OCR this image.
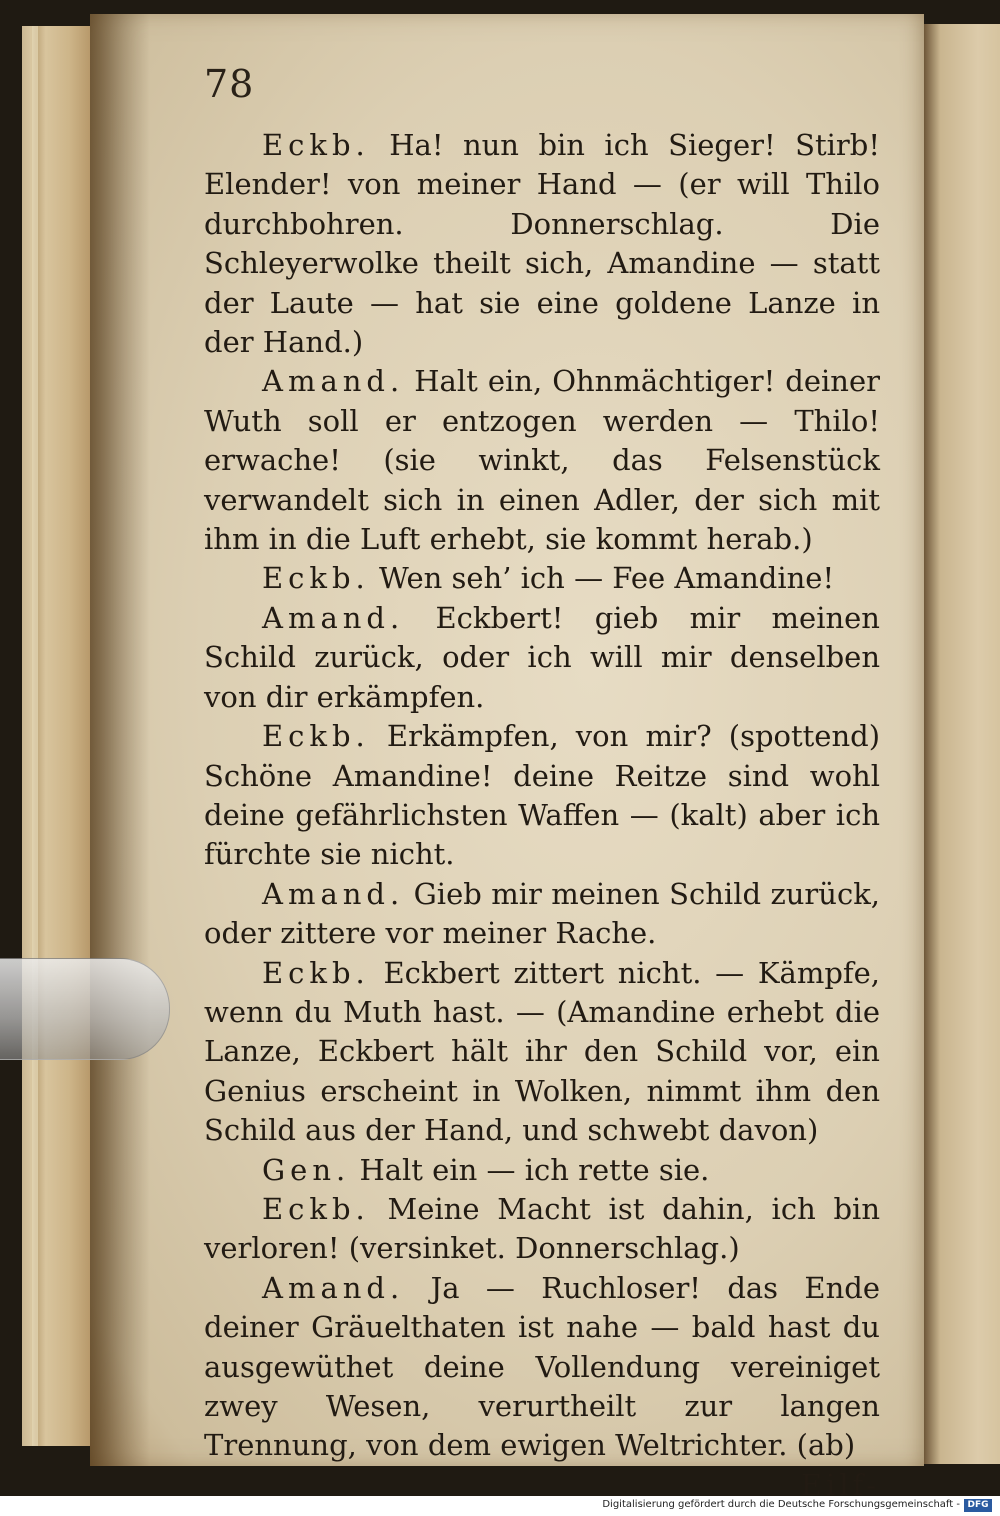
78

Eckb. Ha! nun bin ich Sieger! Stirb! Elender! von meiner Hand — (er will Thilo durchbohren. Donnerschlag. Die Schleyerwolke theilt sich, Amandine — statt der Laute — hat sie eine goldene Lanze in der Hand.)

Amand. Halt ein, Ohnmächtiger! deiner Wuth soll er entzogen werden — Thilo! erwache! (sie winkt, das Felsenstück verwandelt sich in einen Adler, der sich mit ihm in die Luft erhebt, sie kommt herab.)

Eckb. Wen seh’ ich — Fee Amandine!

Amand. Eckbert! gieb mir meinen Schild zurück, oder ich will mir denselben von dir erkämpfen.

Eckb. Erkämpfen, von mir? (spottend) Schöne Amandine! deine Reitze sind wohl deine gefährlichsten Waffen — (kalt) aber ich fürchte sie nicht.

Amand. Gieb mir meinen Schild zurück, oder zittere vor meiner Rache.

Eckb. Eckbert zittert nicht. — Kämpfe, wenn du Muth hast. — (Amandine erhebt die Lanze, Eckbert hält ihr den Schild vor, ein Genius erscheint in Wolken, nimmt ihm den Schild aus der Hand, und schwebt davon)

Gen. Halt ein — ich rette sie.

Eckb. Meine Macht ist dahin, ich bin verloren! (versinket. Donnerschlag.)

Amand. Ja — Ruchloser! das Ende deiner Gräuelthaten ist nahe — bald hast du ausgewüthet deine Vollendung vereiniget zwey Wesen, verurtheilt zur langen Trennung, von dem ewigen Weltrichter. (ab)
Eilf-

Digitalisierung gefördert durch die Deutsche Forschungsgemeinschaft - DFG
